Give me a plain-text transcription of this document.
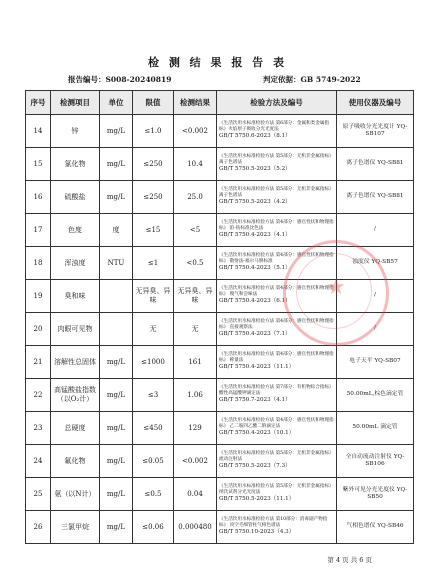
检 测 结 果 报 告 表
报告编号：S008-20240819	判定依据：GB 5749-2022
序号	检测项目	单位	限值	检测结果	检验方法及编号	使用仪器及编号
14	锌	mg/L	≤1.0	<0.002	《生活饮用水标准检验方法 第6部分：金属和类金属指标》火焰原子吸收分光光度法
GB/T 5750.6-2023（8.1）	原子吸收分光光度计 YQ-SB107
15	氯化物	mg/L	≤250	10.4	《生活饮用水标准检验方法 第5部分：无机非金属指标》 离子色谱法
GB/T 5750.5-2023（5.2）	离子色谱仪 YQ-SB81
16	硫酸盐	mg/L	≤250	25.0	《生活饮用水标准检验方法 第5部分：无机非金属指标》 离子色谱法
GB/T 5750.5-2023（4.2）	离子色谱仪 YQ-SB81
17	色度	度	≤15	<5	《生活饮用水标准检验方法 第4部分：感官性状和物理指标》 铂-钴标准比色法
GB/T 5750.4-2023（4.1）	/
18	浑浊度	NTU	≤1	<0.5	《生活饮用水标准检验方法 第4部分：感官性状和物理指标》 散射法-福尔马肼标准
GB/T 5750.4-2023（5.1）	浊度仪 YQ-SB57
19	臭和味		无异臭、异味	无异臭、异味	《生活饮用水标准检验方法 第4部分：感官性状和物理指标》 嗅气和尝味法
GB/T 5750.4-2023（6.1）	/
20	肉眼可见物		无	无	《生活饮用水标准检验方法 第4部分：感官性状和物理指标》 直接观察法
GB/T 5750.4-2023（7.1）	/
21	溶解性总固体	mg/L	≤1000	161	《生活饮用水标准检验方法 第4部分：感官性状和物理指标》 称量法
GB/T 5750.4-2023（11.1）	电子天平 YQ-SB07
22	高锰酸盐指数（以O₂计）	mg/L	≤3	1.06	《生活饮用水标准检验方法 第7部分：有机物综合指标》 酸性高锰酸钾滴定法
GB/T 5750.7-2023（4.1）	50.00mL,棕色滴定管
23	总硬度	mg/L	≤450	129	《生活饮用水标准检验方法 第4部分：感官性状和物理指标》 乙二胺四乙酸二钠滴定法
GB/T 5750.4-2023（10.1）	50.00mL 滴定管
24	氟化物	mg/L	≤0.05	<0.002	《生活饮用水标准检验方法 第5部分：无机非金属指标》 流动注射法
GB/T 5750.5-2023（7.3）	全自动流动注射仪 YQ-SB106
25	氨（以N计）	mg/L	≤0.5	0.04	《生活饮用水标准检验方法 第5部分：无机非金属指标》 纳氏试剂分光光度法
GB/T 5750.5-2023（11.1）	紫外可见分光光度仪 YQ-SB50
26	三氯甲烷	mg/L	≤0.06	0.000480	《生活饮用水标准检验方法 第10部分：消毒副产物指标》 顶空毛细管柱气相色谱法
GB/T 5750.10-2023（4.3）	气相色谱仪 YQ-SB46
★
第 4 页 共 6 页
